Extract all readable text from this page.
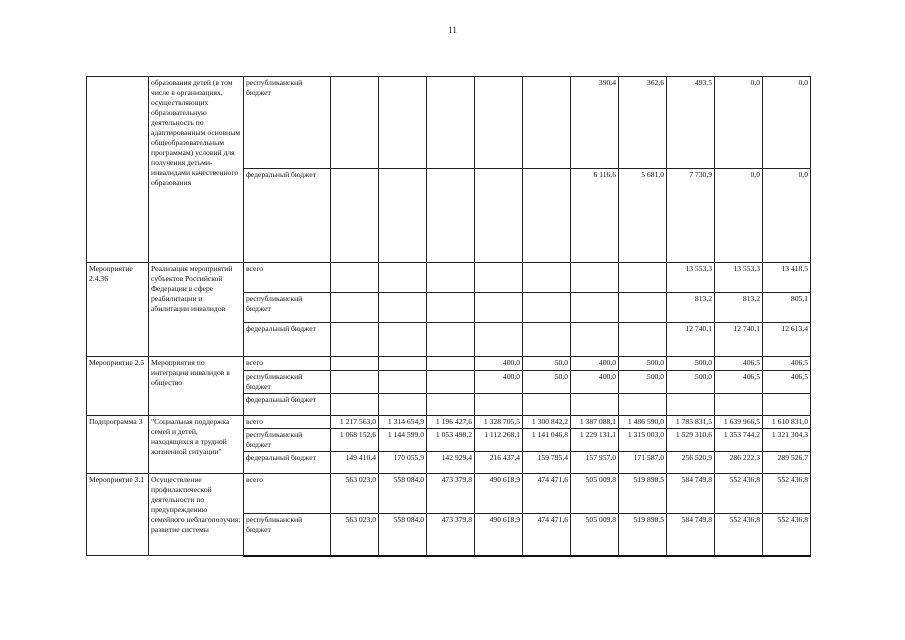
11
	образования детей (в том числе в организациях, осуществляющих образовательную деятельность по адаптированным основным общеобразовательным программам) условий для получения детьми-инвалидами качественного образования	республиканский бюджет						390,4	362,6	493,5	0,0	0,0
		федеральный бюджет						6 116,6	5 681,0	7 730,9	0,0	0,0
Мероприятие 2.4.36	Реализация мероприятий субъектов Российской Федерации в сфере реабилитации и абилитации инвалидов	всего								13 553,3	13 553,3	13 418,5
		республиканский бюджет								813,2	813,2	805,1
		федеральный бюджет								12 740,1	12 740,1	12 613,4
Мероприятие 2.5	Мероприятия по интеграции инвалидов в общество	всего				400,0	50,0	400,0	500,0	500,0	406,5	406,5
		республиканский бюджет				400,0	50,0	400,0	500,0	500,0	406,5	406,5
		федеральный бюджет										
Подпрограмма 3	"Социальная поддержка семей и детей, находящихся в трудной жизненной ситуации"	всего	1 217 563,0	1 314 654,9	1 196 427,6	1 328 705,5	1 300 842,2	1 387 088,1	1 486 590,0	1 785 831,5	1 639 966,5	1 610 831,0
		республиканский бюджет	1 068 152,6	1 144 599,0	1 053 498,2	1 112 268,1	1 141 046,8	1 229 131,1	1 315 003,0	1 529 310,6	1 353 744,2	1 321 304,3
		федеральный бюджет	149 410,4	170 055,9	142 929,4	216 437,4	159 795,4	157 957,0	171 587,0	256 520,9	286 222,3	289 526,7
Мероприятие 3.1	Осуществление профилактической деятельности по предупреждению семейного неблагополучия; развитие системы	всего	563 023,0	558 084,0	473 379,8	490 618,9	474 471,6	505 009,8	519 898,5	584 749,8	552 436,8	552 436,8
		республиканский бюджет	563 023,0	558 084,0	473 379,8	490 618,9	474 471,6	505 009,8	519 898,5	584 749,8	552 436,8	552 436,8
